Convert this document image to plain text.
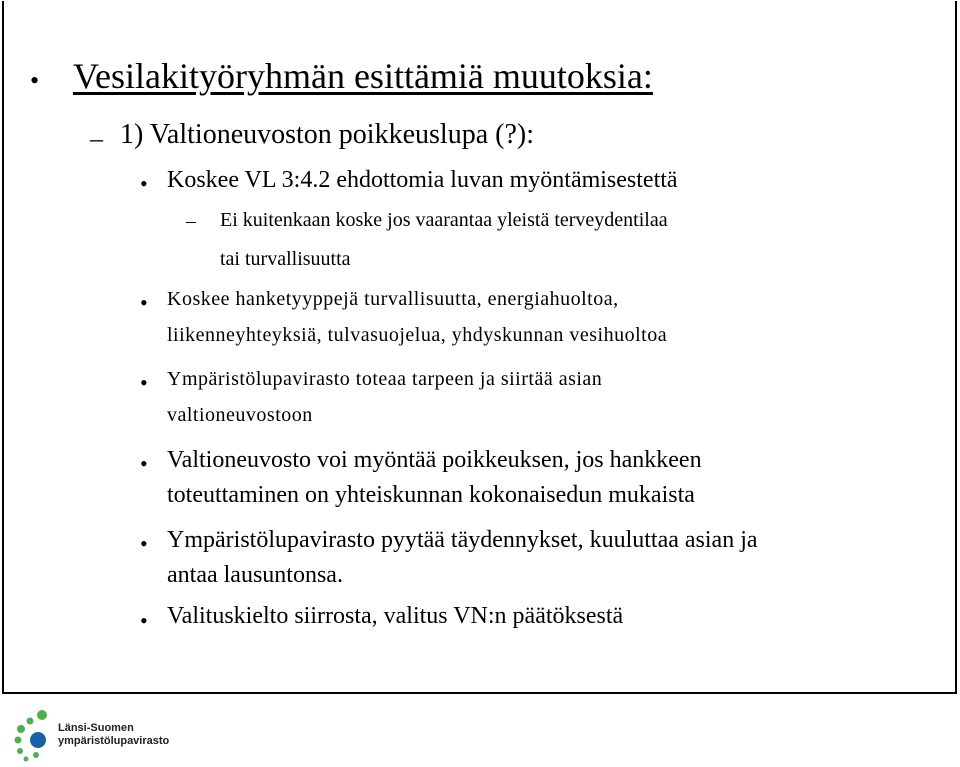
• Vesilakityöryhmän esittämiä muutoksia:
– 1) Valtioneuvoston poikkeuslupa (?):
• Koskee VL 3:4.2 ehdottomia luvan myöntämisestettä
– Ei kuitenkaan koske jos vaarantaa yleistä terveydentilaa
tai turvallisuutta
• Koskee hanketyyppejä turvallisuutta, energiahuoltoa,
liikenneyhteyksiä, tulvasuojelua, yhdyskunnan vesihuoltoa
• Ympäristölupavirasto toteaa tarpeen ja siirtää asian
valtioneuvostoon
• Valtioneuvosto voi myöntää poikkeuksen, jos hankkeen
toteuttaminen on yhteiskunnan kokonaisedun mukaista
• Ympäristölupavirasto pyytää täydennykset, kuuluttaa asian ja
antaa lausuntonsa.
• Valituskielto siirrosta, valitus VN:n päätöksestä
Länsi-Suomen
ympäristölupavirasto
